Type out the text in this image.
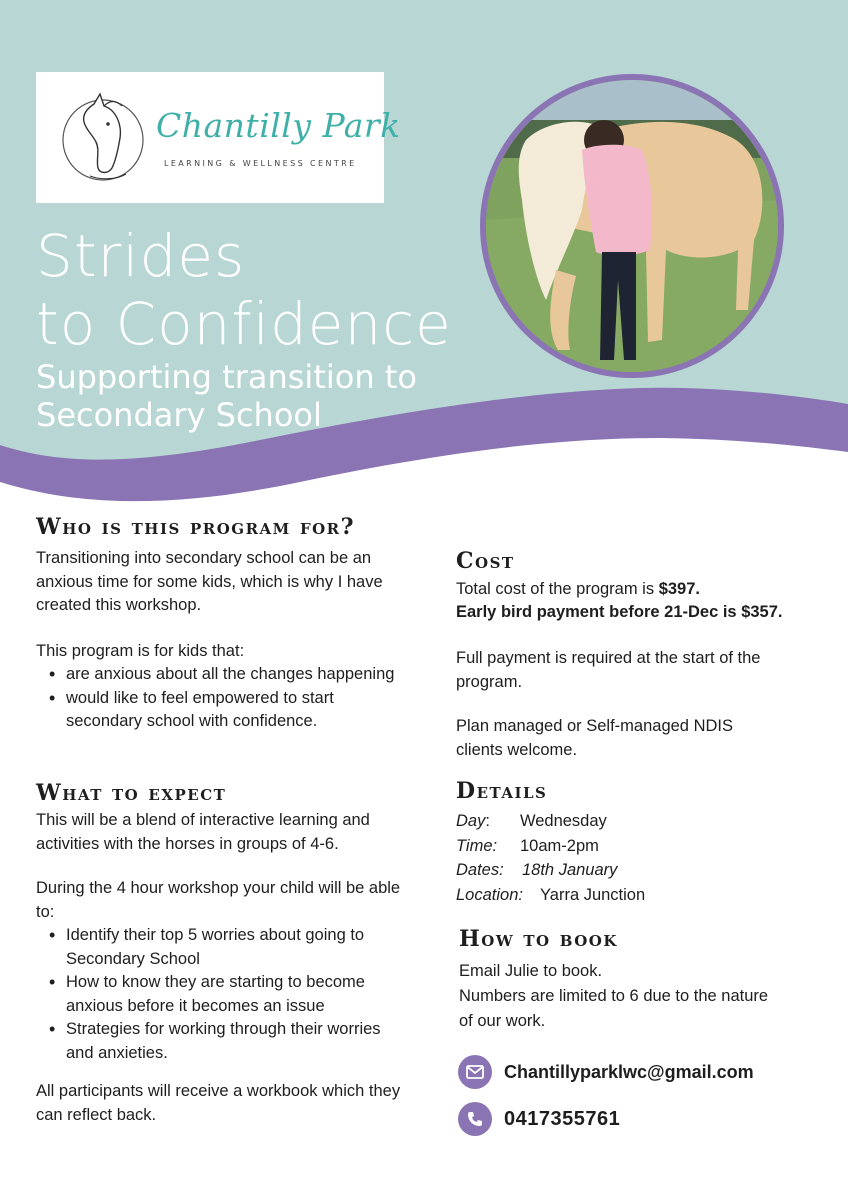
Chantilly Park
LEARNING & WELLNESS CENTRE
Strides
to Confidence
Supporting transition to
Secondary School
Who is this program for?

Transitioning into secondary school can be an anxious time for some kids, which is why I have created this workshop.

This program is for kids that:

• are anxious about all the changes happening
• would like to feel empowered to start secondary school with confidence.
What to expect

This will be a blend of interactive learning and activities with the horses in groups of 4-6.

During the 4 hour workshop your child will be able to:

• Identify their top 5 worries about going to Secondary School
• How to know they are starting to become anxious before it becomes an issue
• Strategies for working through their worries and anxieties.

All participants will receive a workbook which they can reflect back.

Cost

Total cost of the program is $397.

Early bird payment before 21-Dec is $357.

Full payment is required at the start of the program.

Plan managed or Self-managed NDIS clients welcome.

Details
Day: Wednesday
Time: 10am-2pm
Dates: 18th January
Location: Yarra Junction
How to book

Email Julie to book.

Numbers are limited to 6 due to the nature of our work.

Chantillyparklwc@gmail.com
0417355761
